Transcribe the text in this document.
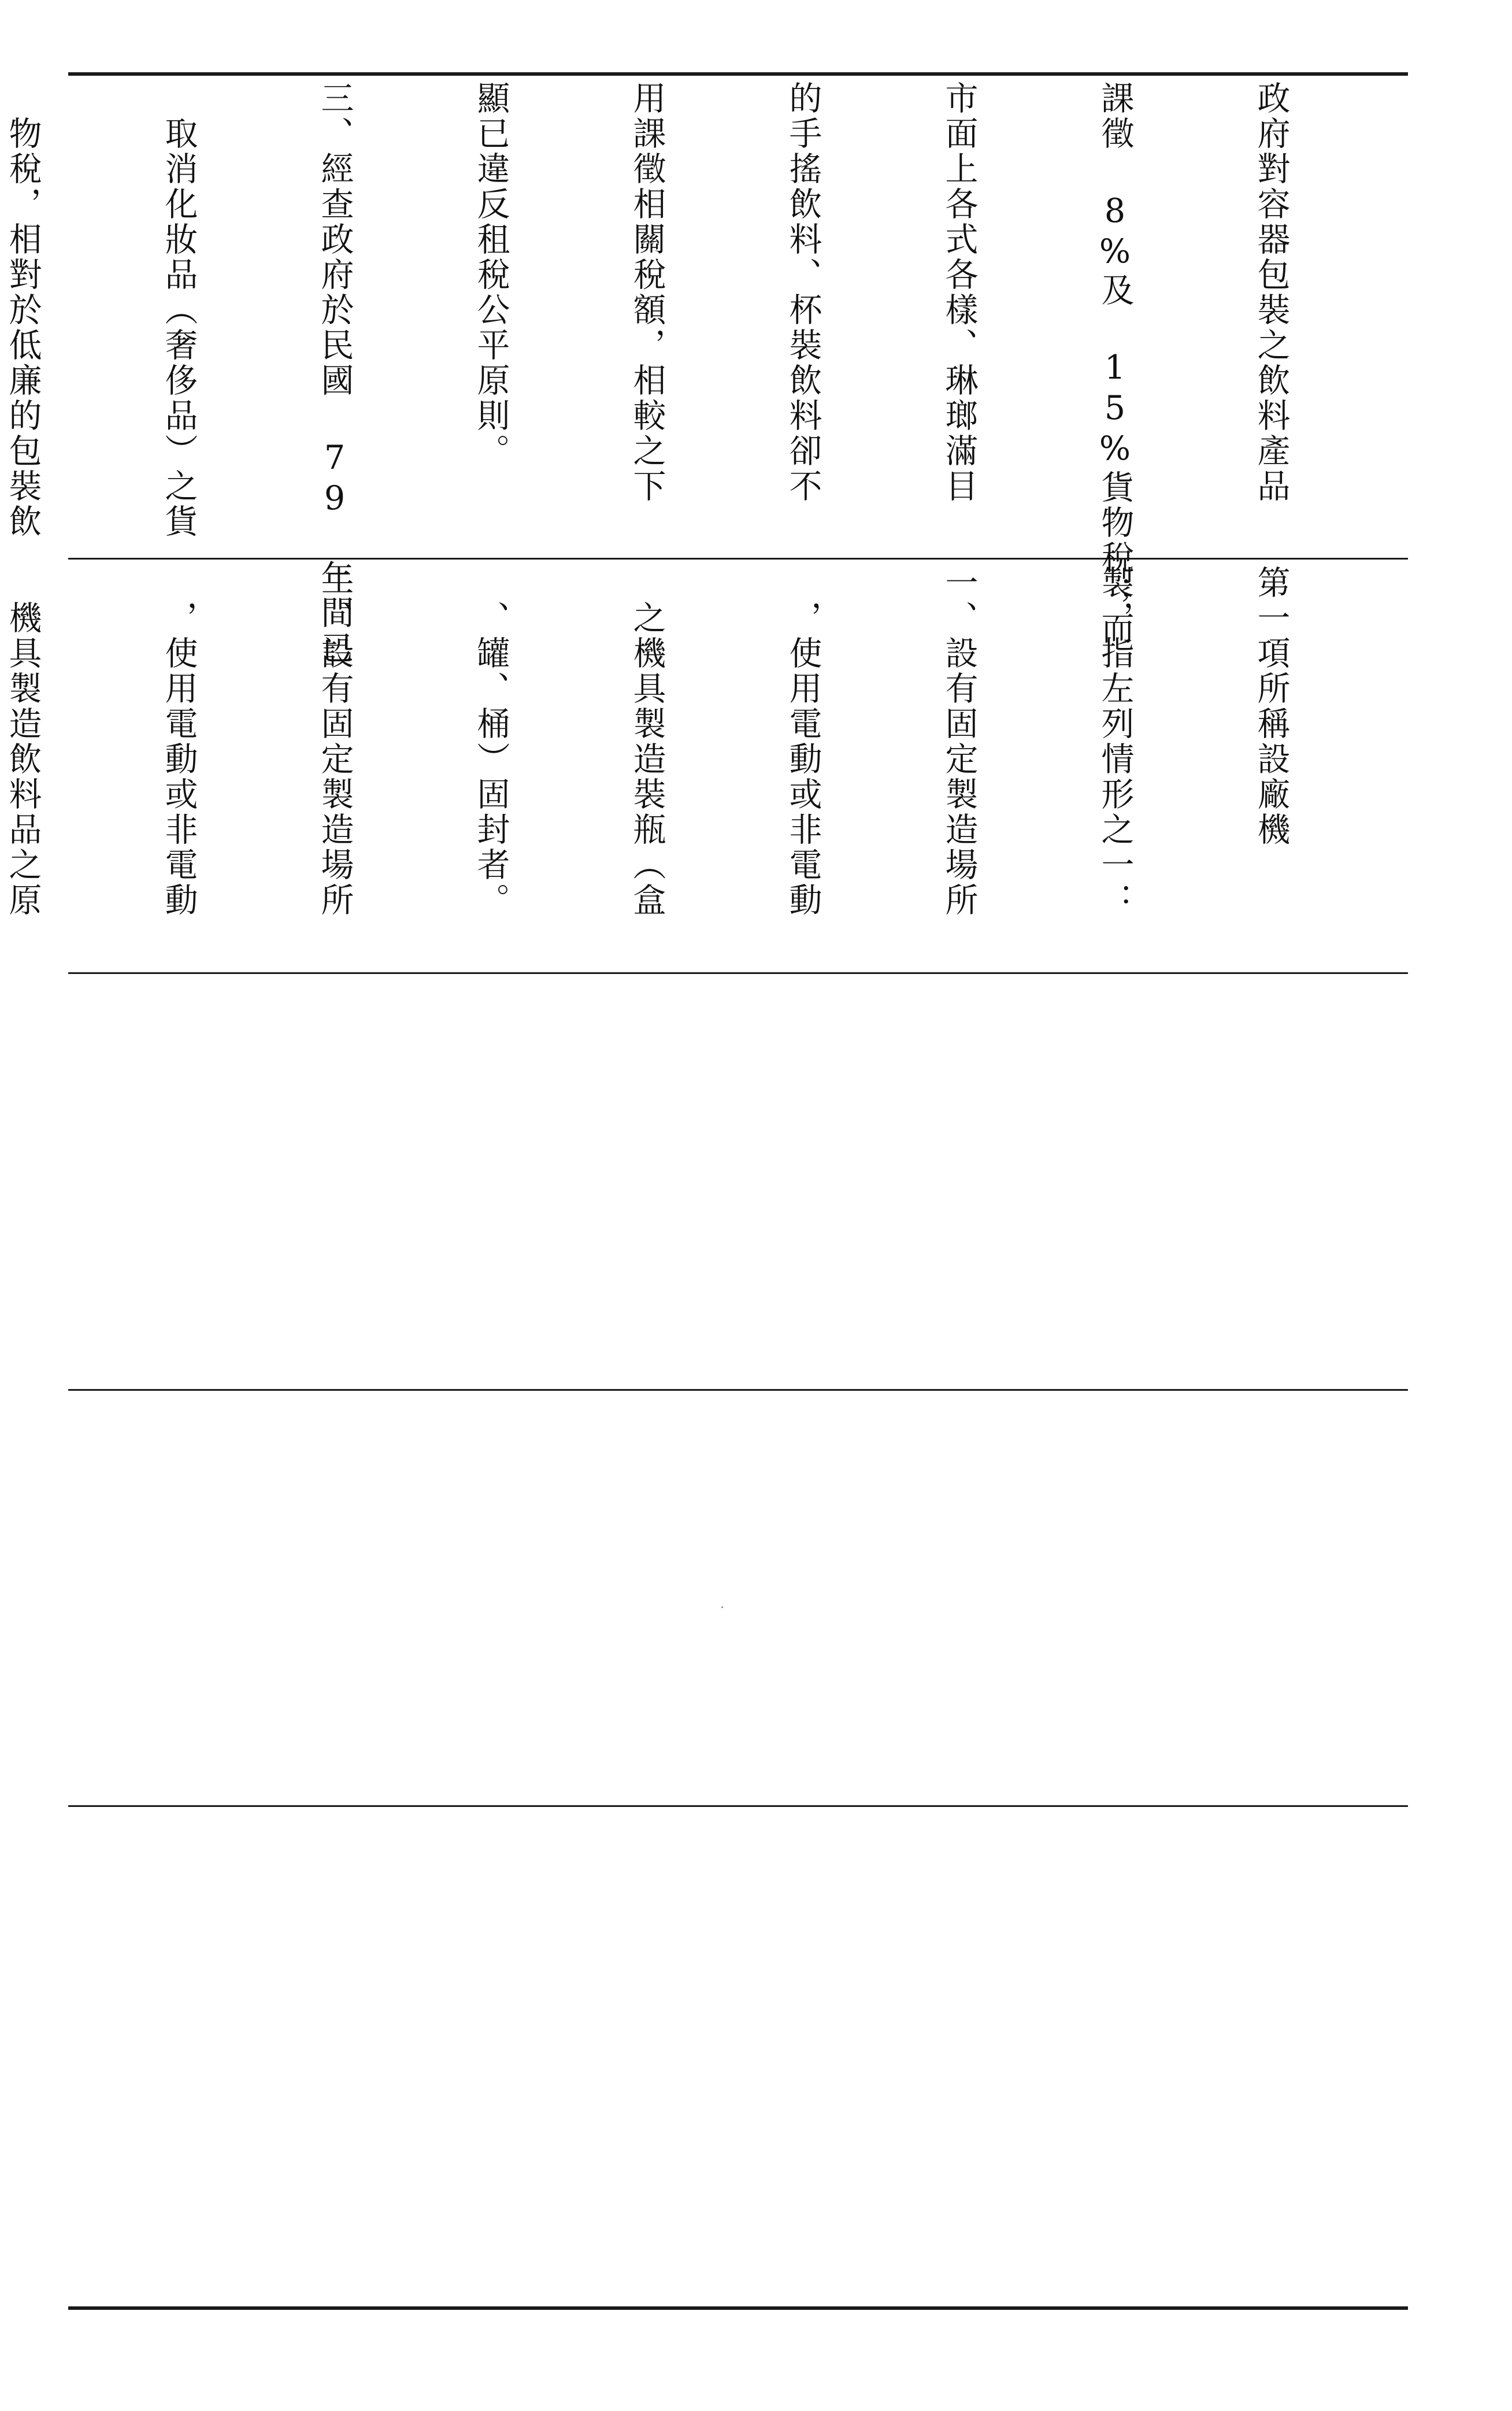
政府對容器包裝之飲料產品

課徵 8%及 15%貨物稅；而

市面上各式各樣、琳瑯滿目

的手搖飲料、杯裝飲料卻不

用課徵相關稅額，相較之下

顯已違反租稅公平原則。

三、經查政府於民國 79 年間已

　取消化妝品（奢侈品）之貨

　物稅，相對於低廉的包裝飲

第一項所稱設廠機

製，指左列情形之一：

一、設有固定製造場所

　，使用電動或非電動

　之機具製造裝瓶（盒

　、罐、桶）固封者。

二、設有固定製造場所

　，使用電動或非電動

　機具製造飲料品之原
